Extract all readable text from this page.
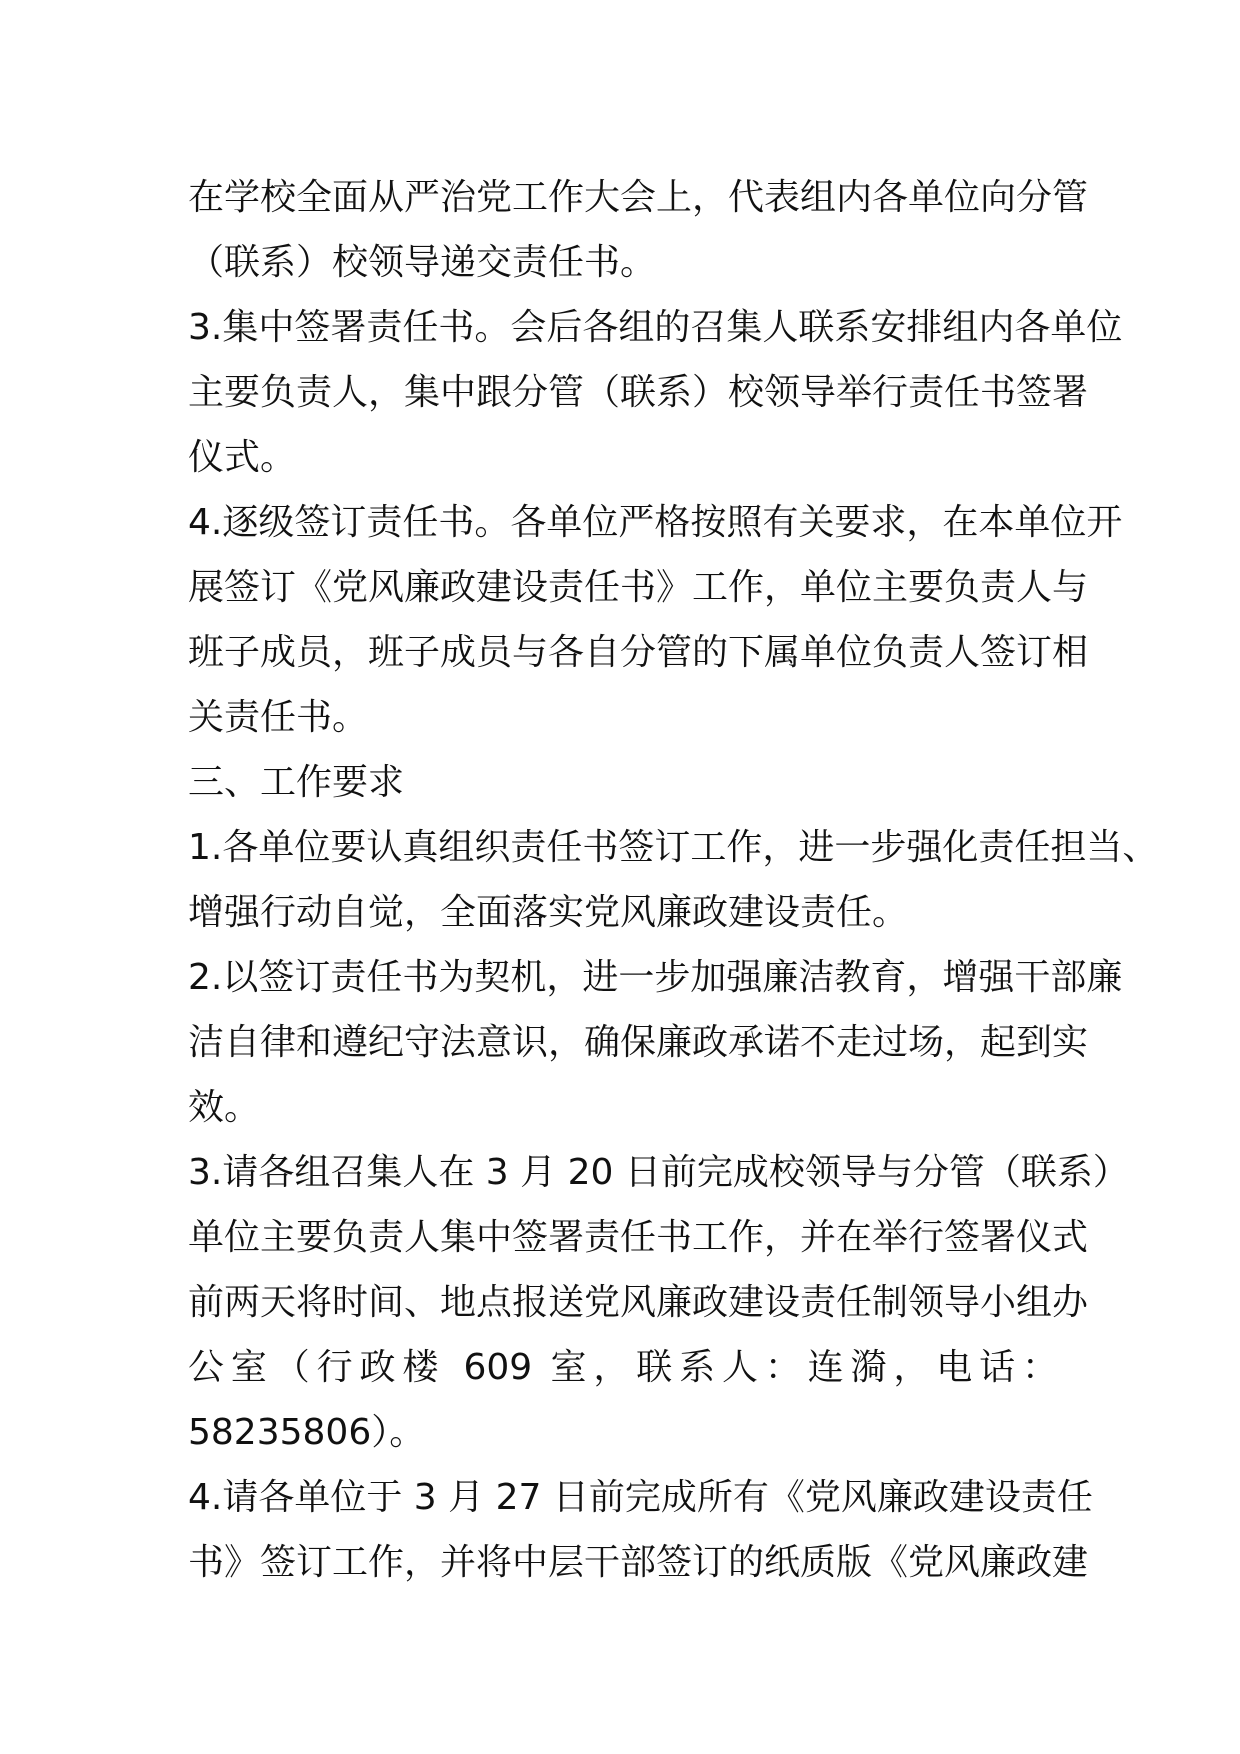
在学校全面从严治党工作大会上，代表组内各单位向分管
（联系）校领导递交责任书。
3.集中签署责任书。会后各组的召集人联系安排组内各单位
主要负责人，集中跟分管（联系）校领导举行责任书签署
仪式。
4.逐级签订责任书。各单位严格按照有关要求，在本单位开
展签订《党风廉政建设责任书》工作，单位主要负责人与
班子成员，班子成员与各自分管的下属单位负责人签订相
关责任书。
三、工作要求
1.各单位要认真组织责任书签订工作，进一步强化责任担当、
增强行动自觉，全面落实党风廉政建设责任。
2.以签订责任书为契机，进一步加强廉洁教育，增强干部廉
洁自律和遵纪守法意识，确保廉政承诺不走过场，起到实
效。
3.请各组召集人在 3 月 20 日前完成校领导与分管（联系）
单位主要负责人集中签署责任书工作，并在举行签署仪式
前两天将时间、地点报送党风廉政建设责任制领导小组办
公室（行政楼 609 室，联系人：连漪，电话：
58235806）。
4.请各单位于 3 月 27 日前完成所有《党风廉政建设责任
书》签订工作，并将中层干部签订的纸质版《党风廉政建
